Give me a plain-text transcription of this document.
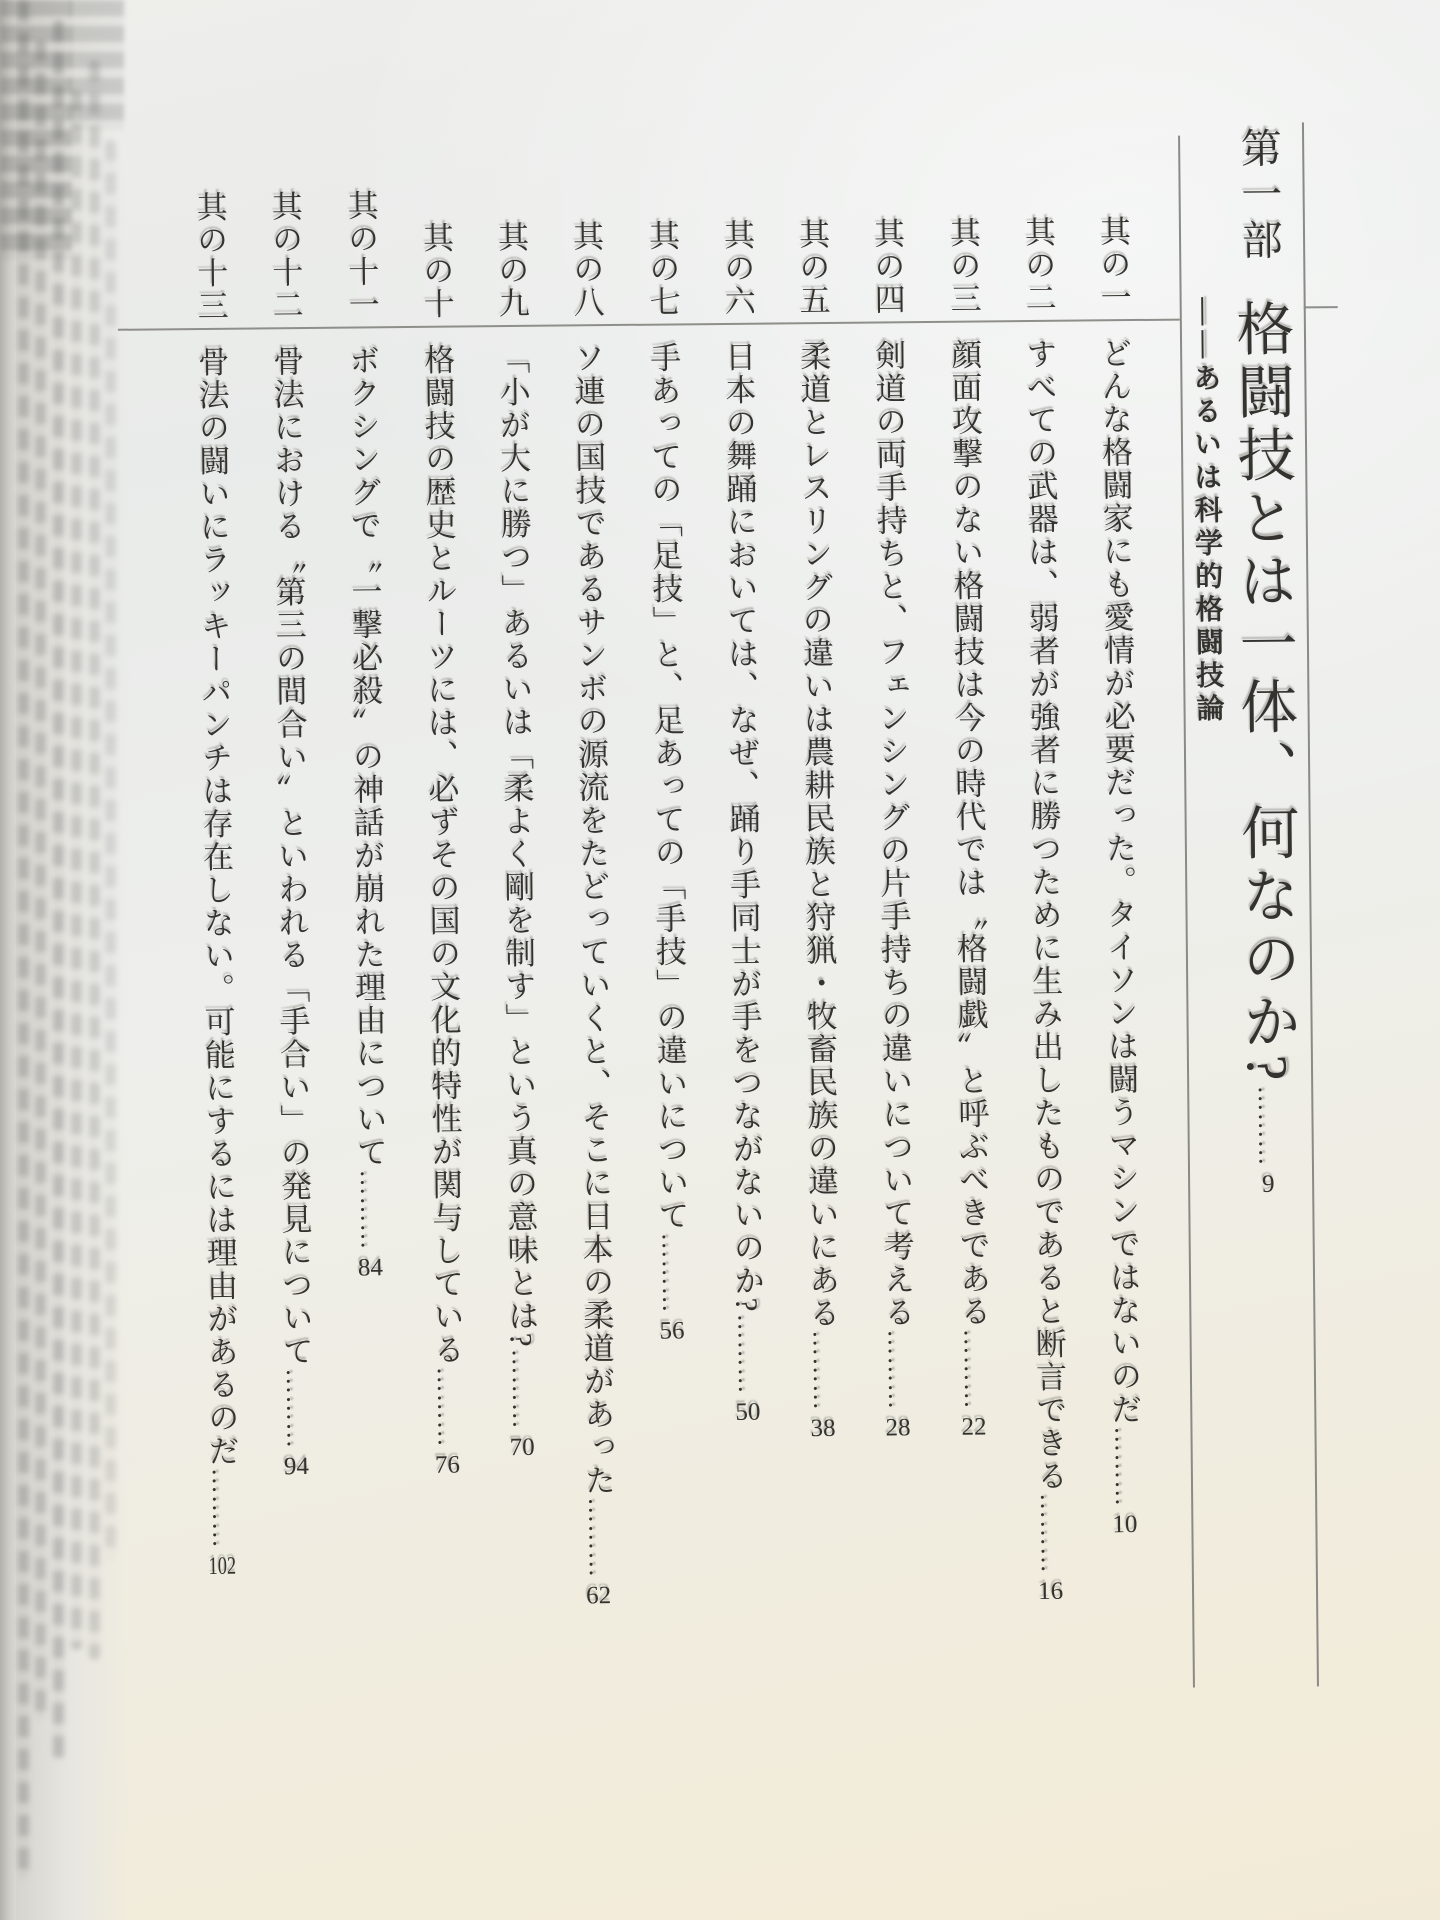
第一部格闘技とは一体、何なのか?………9
――あるいは科学的格闘技論
其の一
どんな格闘家にも愛情が必要だった。タイソンは闘うマシンではないのだ………10
其の二
すべての武器は、弱者が強者に勝つために生み出したものであると断言できる………16
其の三
顔面攻撃のない格闘技は今の時代では〝格闘戯〟と呼ぶべきである………22
其の四
剣道の両手持ちと、フェンシングの片手持ちの違いについて考える………28
其の五
柔道とレスリングの違いは農耕民族と狩猟・牧畜民族の違いにある………38
其の六
日本の舞踊においては、なぜ、踊り手同士が手をつながないのか?………50
其の七
手あっての「足技」と、足あっての「手技」の違いについて………56
其の八
ソ連の国技であるサンボの源流をたどっていくと、そこに日本の柔道があった………62
其の九
「小が大に勝つ」あるいは「柔よく剛を制す」という真の意味とは?………70
其の十
格闘技の歴史とルーツには、必ずその国の文化的特性が関与している………76
其の十一
ボクシングで〝一撃必殺〟の神話が崩れた理由について………84
其の十二
骨法における〝第三の間合い〟といわれる「手合い」の発見について………94
其の十三
骨法の闘いにラッキーパンチは存在しない。可能にするには理由があるのだ………102
